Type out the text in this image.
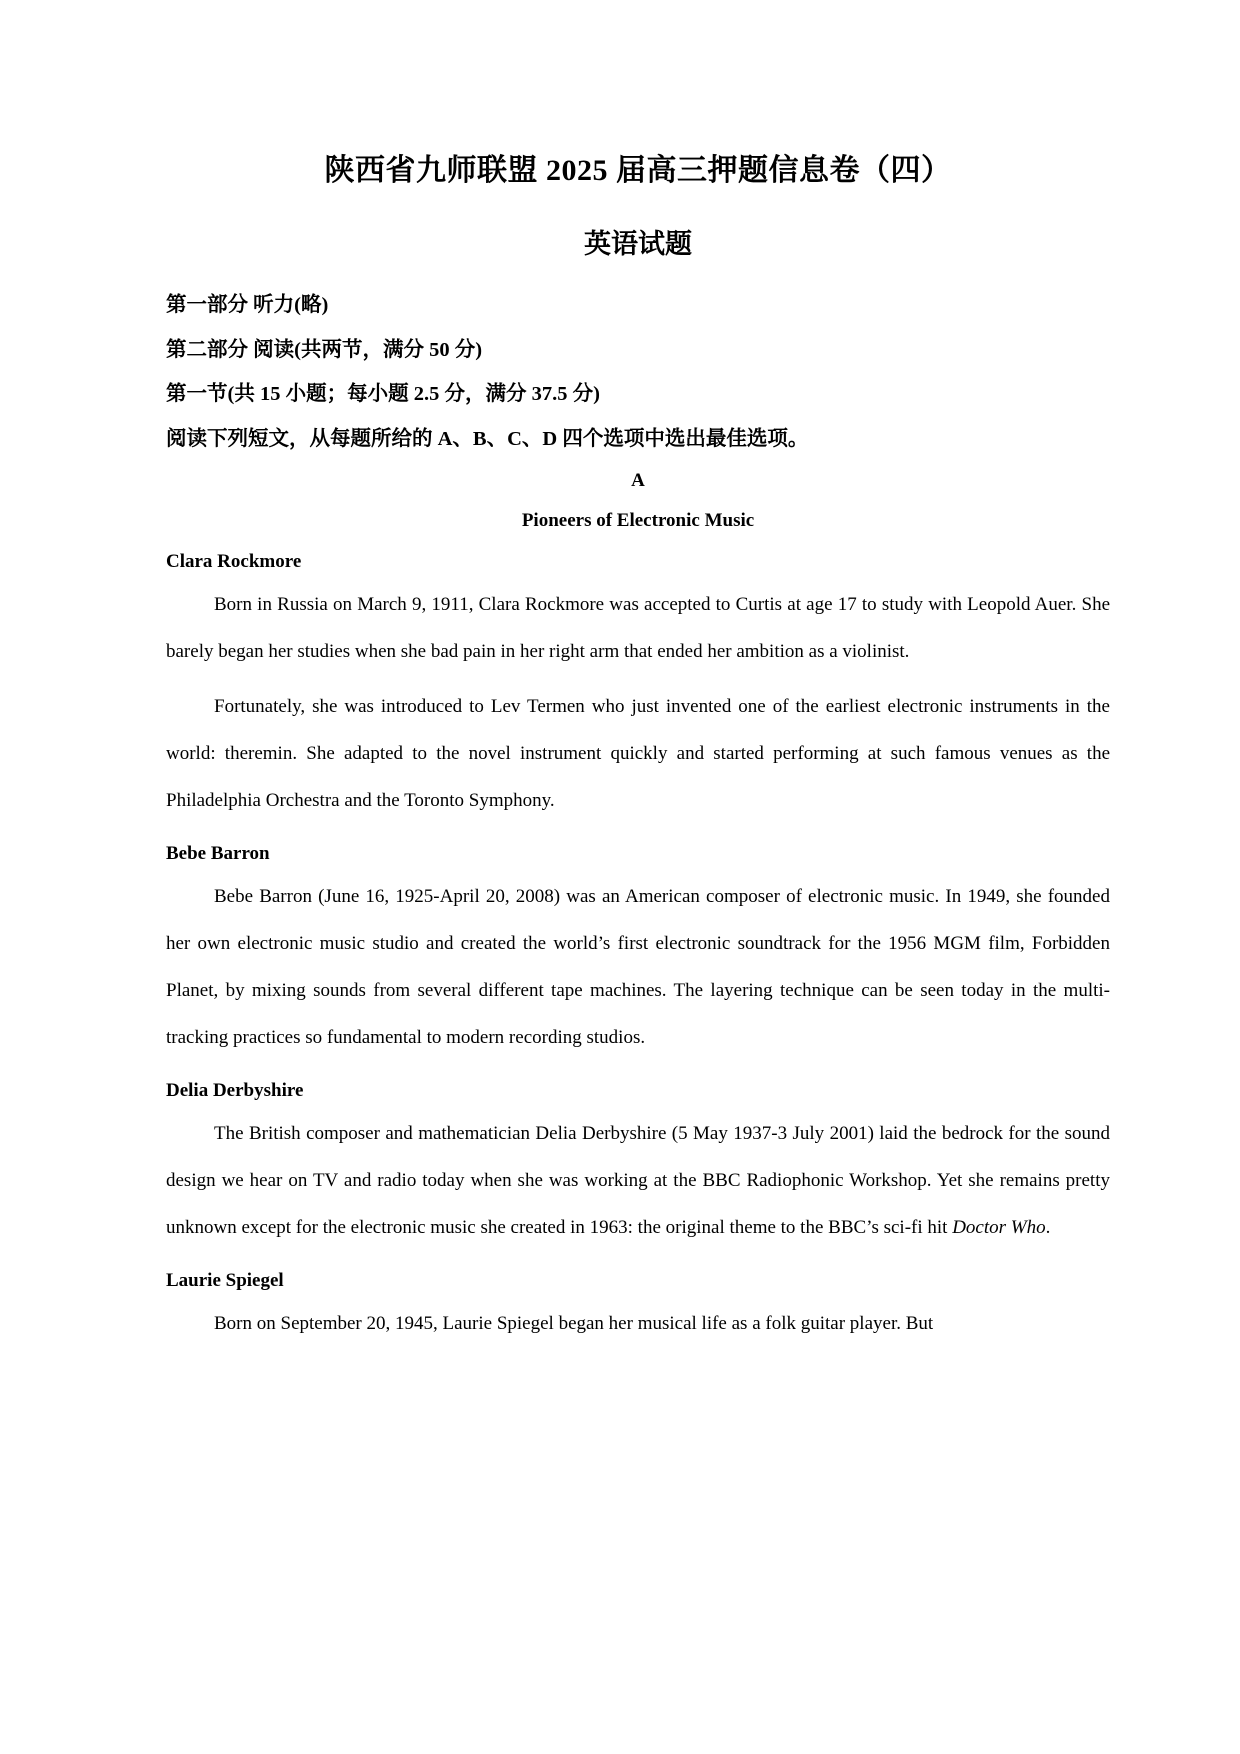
陕西省九师联盟 2025 届高三押题信息卷（四）
英语试题

第一部分 听力(略)

第二部分 阅读(共两节，满分 50 分)

第一节(共 15 小题；每小题 2.5 分，满分 37.5 分)

阅读下列短文，从每题所给的 A、B、C、D 四个选项中选出最佳选项。

A

Pioneers of Electronic Music

Clara Rockmore

Born in Russia on March 9, 1911, Clara Rockmore was accepted to Curtis at age 17 to study with Leopold Auer. She barely began her studies when she bad pain in her right arm that ended her ambition as a violinist.

Fortunately, she was introduced to Lev Termen who just invented one of the earliest electronic instruments in the world: theremin. She adapted to the novel instrument quickly and started performing at such famous venues as the Philadelphia Orchestra and the Toronto Symphony.

Bebe Barron

Bebe Barron (June 16, 1925-April 20, 2008) was an American composer of electronic music. In 1949, she founded her own electronic music studio and created the world’s first electronic soundtrack for the 1956 MGM film, Forbidden Planet, by mixing sounds from several different tape machines. The layering technique can be seen today in the multi-tracking practices so fundamental to modern recording studios.

Delia Derbyshire

The British composer and mathematician Delia Derbyshire (5 May 1937-3 July 2001) laid the bedrock for the sound design we hear on TV and radio today when she was working at the BBC Radiophonic Workshop. Yet she remains pretty unknown except for the electronic music she created in 1963: the original theme to the BBC’s sci-fi hit Doctor Who.

Laurie Spiegel

Born on September 20, 1945, Laurie Spiegel began her musical life as a folk guitar player. But
